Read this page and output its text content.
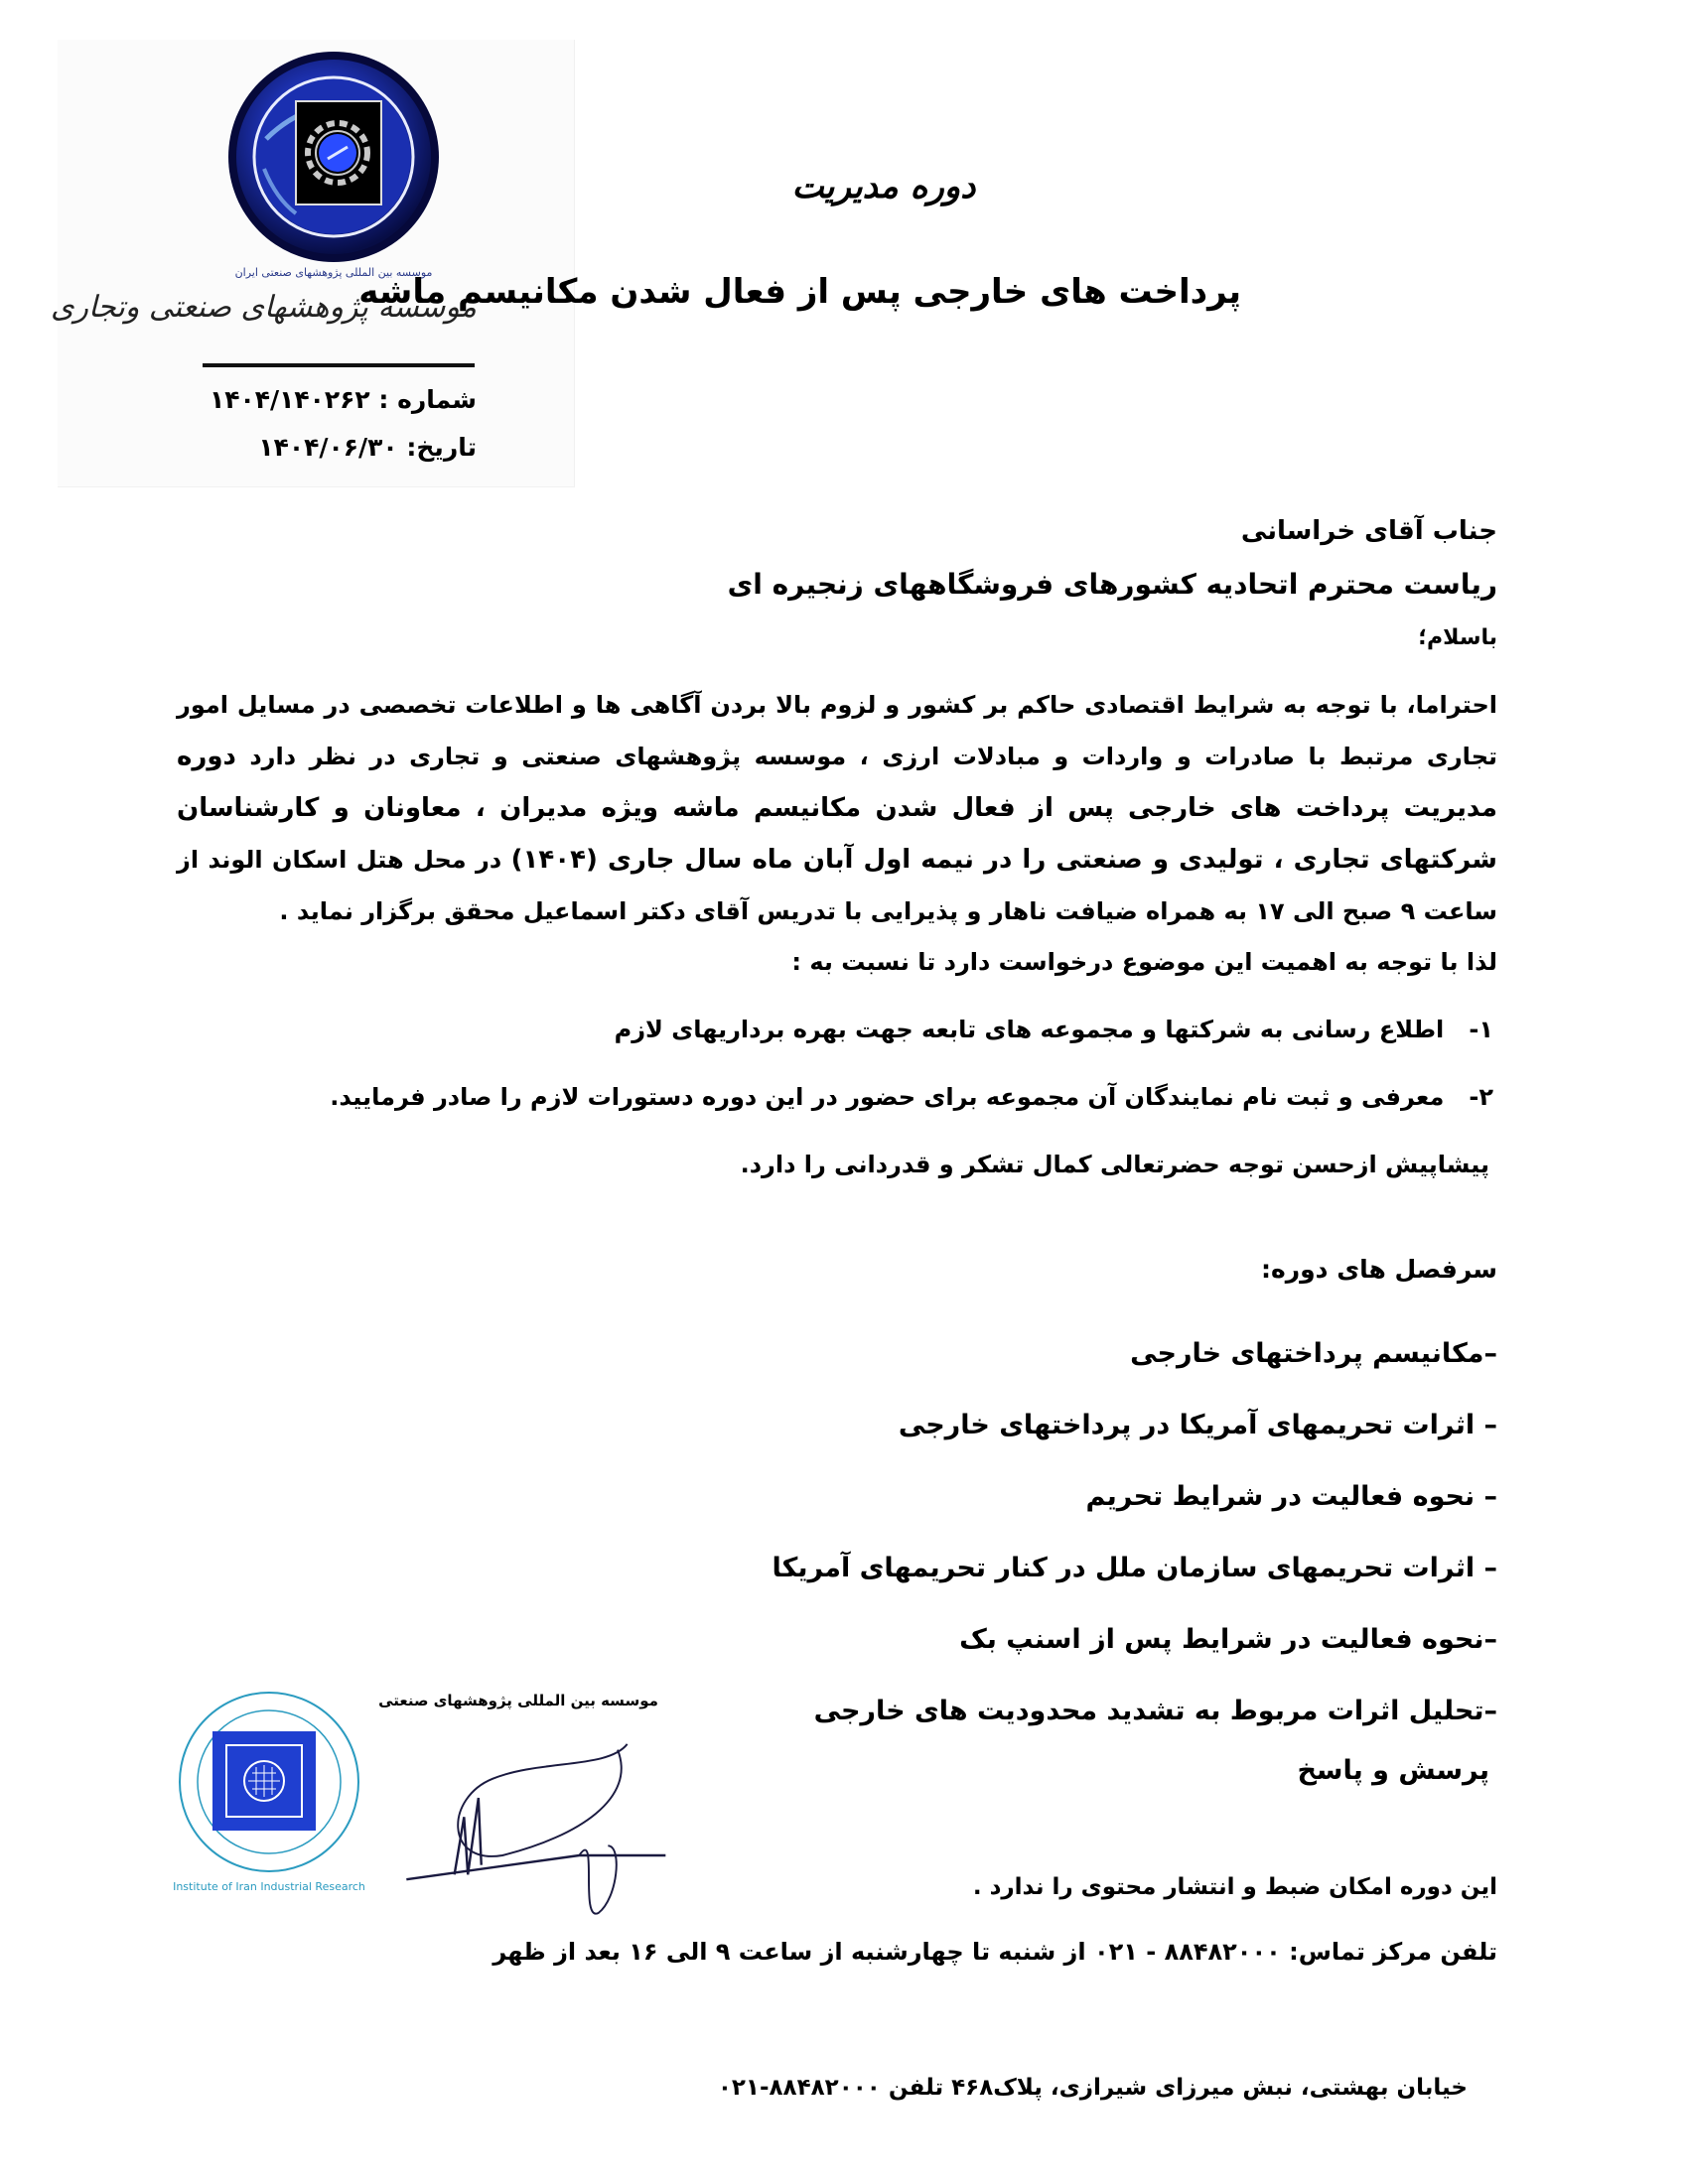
موسسه بین المللی پژوهشهای صنعتی ایران
موسسه پژوهشهای صنعتی وتجاری
شماره : ۱۴۰۴/۱۴۰۲۶۲
تاریخ: ۱۴۰۴/۰۶/۳۰
دوره مدیریت
پرداخت های خارجی پس از فعال شدن مکانیسم ماشه
جناب آقای خراسانی
ریاست محترم اتحادیه کشورهای فروشگاههای زنجیره ای
باسلام؛
احتراما، با توجه به شرایط اقتصادی حاکم بر کشور و لزوم بالا بردن آگاهی ها و اطلاعات تخصصی در مسایل امور تجاری مرتبط با صادرات و واردات و مبادلات ارزی ، موسسه پژوهشهای صنعتی و تجاری در نظر دارد دوره مدیریت پرداخت های خارجی پس از فعال شدن مکانیسم ماشه ویژه مدیران ، معاونان و کارشناسان شرکتهای تجاری ، تولیدی و صنعتی را در نیمه اول آبان ماه سال جاری (۱۴۰۴) در محل هتل اسکان الوند از ساعت ۹ صبح الی ۱۷ به همراه ضیافت ناهار و پذیرایی با تدریس آقای دکتر اسماعیل محقق برگزار نماید .
لذا با توجه به اهمیت این موضوع درخواست دارد تا نسبت به :
۱-   اطلاع رسانی به شرکتها و مجموعه های تابعه جهت بهره برداریهای لازم
۲-   معرفی و ثبت نام نمایندگان آن مجموعه برای حضور در این دوره دستورات لازم را صادر فرمایید.
پیشاپیش ازحسن توجه حضرتعالی کمال تشکر و قدردانی را دارد.
سرفصل های دوره:
–مکانیسم پرداختهای خارجی
– اثرات تحریمهای آمریکا در پرداختهای خارجی
– نحوه فعالیت در شرایط تحریم
– اثرات تحریمهای سازمان ملل در کنار تحریمهای آمریکا
–نحوه فعالیت در شرایط پس از اسنپ بک
–تحلیل اثرات مربوط به تشدید محدودیت های خارجی
پرسش و پاسخ
Institute of Iran Industrial Research
موسسه بین المللی پژوهشهای صنعتی
این دوره امکان ضبط و انتشار محتوی را ندارد .
تلفن مرکز تماس: ۸۸۴۸۲۰۰۰ - ۰۲۱ از شنبه تا چهارشنبه از ساعت ۹ الی ۱۶ بعد از ظهر
خیابان بهشتی، نبش میرزای شیرازی، پلاک۴۶۸ تلفن ۸۸۴۸۲۰۰۰-۰۲۱
